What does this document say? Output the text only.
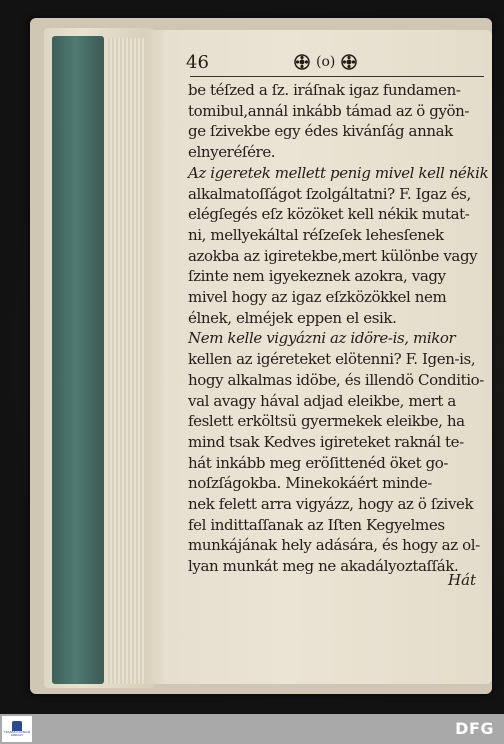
46	(o)
be téſzed a ſz. iráſnak igaz fundamen-
tomibul,annál inkább támad az ö gyön-
ge ſzivekbe egy édes kivánſág annak
elnyeréſére.
Az igeretek mellett penig mivel kell nékik
alkalmatoſſágot ſzolgáltatni? F. Igaz és,
elégſegés eſz közöket kell nékik mutat-
ni, mellyekáltal réſzeſek lehesſenek
azokba az igiretekbe,mert különbe vagy
ſzinte nem igyekeznek azokra, vagy
mivel hogy az igaz eſzközökkel nem
élnek, elméjek eppen el esik.
Nem kelle vigyázni az idöre-is, mikor
kellen az igéreteket elötenni? F. Igen-is,
hogy alkalmas idöbe, és illendö Conditio-
val avagy hával adjad eleikbe, mert a
feslett erköltsü gyermekek eleikbe, ha
mind tsak Kedves igireteket raknál te-
hát inkább meg eröſittenéd öket go-
noſzſágokba. Minekokáért minde-
nek felett arra vigyázz, hogy az ö ſzivek
fel indittaſſanak az Iſten Kegyelmes
munkájának hely adására, és hogy az ol-
lyan munkát meg ne akadályoztaſſák.
Hát
TRANSSYLVANIAN LIBRARY	DFG
